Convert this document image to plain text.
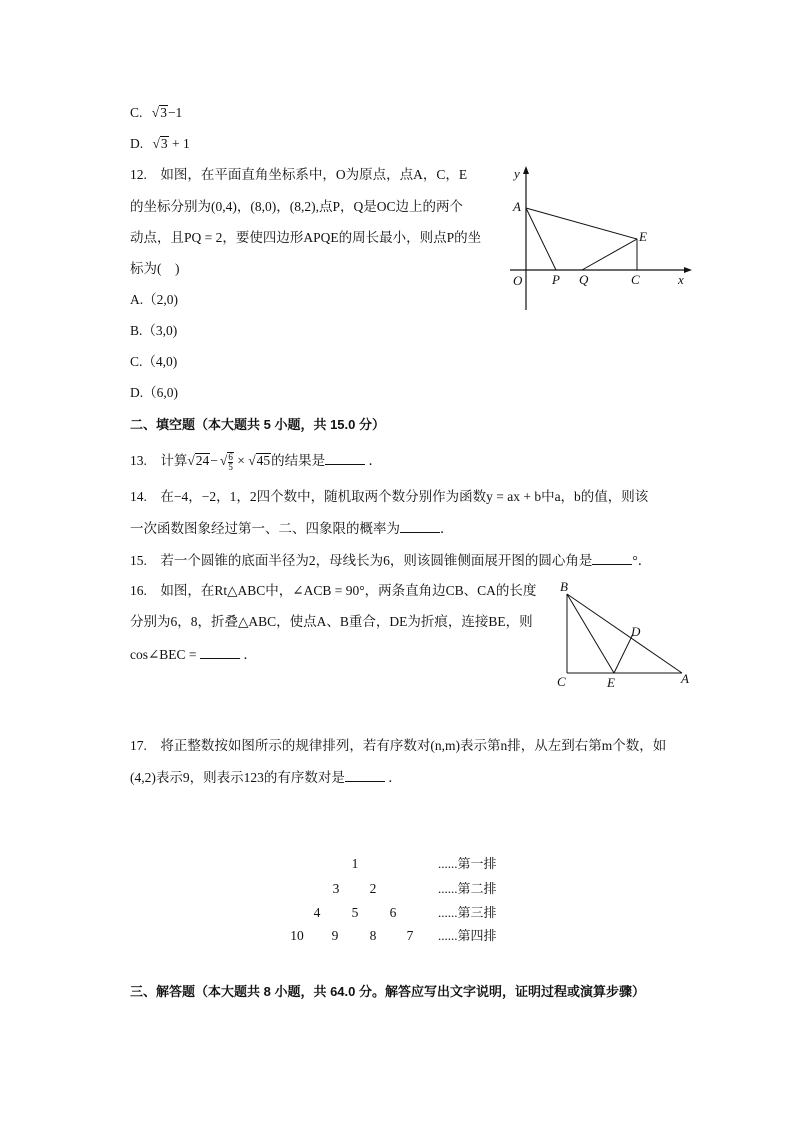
C. √3−1
D. √3 + 1
12.　如图，在平面直角坐标系中，O为原点，点A，C，E
的坐标分别为(0,4)，(8,0)，(8,2),点P，Q是OC边上的两个
动点，且PQ = 2，要使四边形APQE的周长最小，则点P的坐
标为(　)
A.（2,0)
B.（3,0)
C.（4,0)
D.（6,0)
y
x
A
O P Q	C
E
二、填空题（本大题共 5 小题，共 15.0 分）
13.　计算√24− √ $\frac{6}{5} \times √45$的结果是	．
14.　在−4，−2，1，2四个数中，随机取两个数分别作为函数y = ax + b中a，b的值，则该
一次函数图象经过第一、二、四象限的概率为	．
15.　若一个圆锥的底面半径为2，母线长为6，则该圆锥侧面展开图的圆心角是	°．
16.　如图，在Rt△ABC中，∠ACB = 90°，两条直角边CB、CA的长度
分别为6，8，折叠△ABC，使点A、B重合，DE为折痕，连接BE，则
cos∠BEC =	．
B
C	E	A
D
17.　将正整数按如图所示的规律排列，若有序数对(n,m)表示第n排，从左到右第m个数，如
(4,2)表示9，则表示123的有序数对是	．
1	......第一排
3	2	......第二排
4	5	6	......第三排
10	9	8	7	......第四排
三、解答题（本大题共 8 小题，共 64.0 分。解答应写出文字说明，证明过程或演算步骤）
